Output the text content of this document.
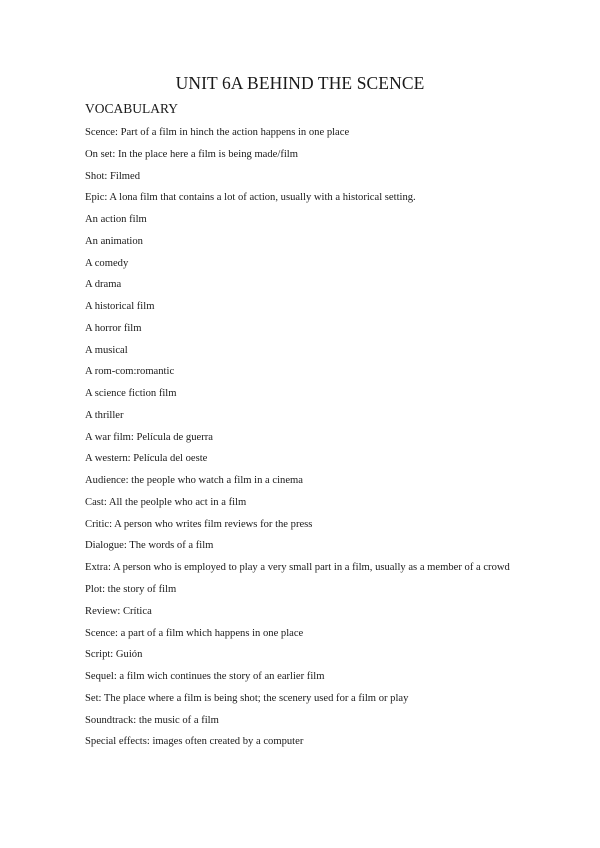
UNIT 6A BEHIND THE SCENCE
VOCABULARY
Scence: Part of a film in hinch the action happens in one place
On set: In the place here a film is being made/film
Shot: Filmed
Epic: A lona film that contains a lot of action, usually with a historical setting.
An action film
An animation
A comedy
A drama
A historical film
A horror film
A musical
A rom-com:romantic
A science fiction film
A thriller
A war film: Película de guerra
A western: Película del oeste
Audience: the people who watch a film in a cinema
Cast: All the peolple who act in a film
Critic: A person who writes film reviews for the press
Dialogue: The words of a film
Extra: A person who is employed to play a very small part in a film, usually as a member of a crowd
Plot: the story of film
Review: Crítica
Scence: a part of a film which happens in one place
Script: Guión
Sequel: a film wich continues the story of an earlier film
Set: The place where a film is being shot; the scenery used for a film or play
Soundtrack: the music of a film
Special effects: images often created by a computer
